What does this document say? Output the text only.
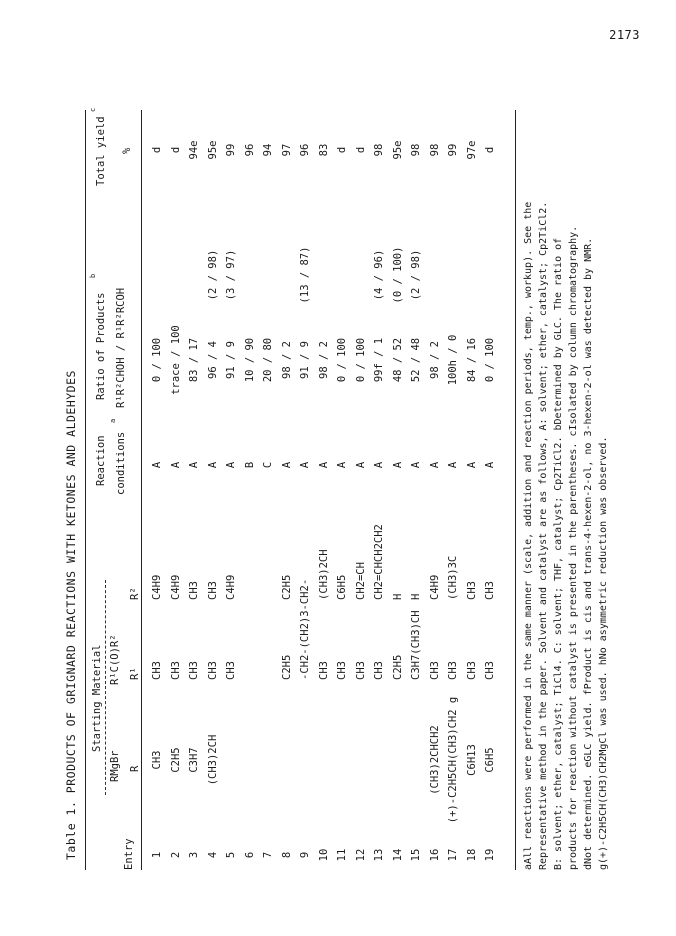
2173
Table 1. PRODUCTS OF GRIGNARD REACTIONS WITH KETONES AND ALDEHYDES Starting Material
Entry
RMgBr R
R¹C(O)R² R¹
R²
Reaction conditions
a
Ratio of Products
b
R¹R²CHOH / R¹R²RCOH
Total yield
c
%
1
CH3
CH3
C4H9
A
0 / 100
d
2
C2H5
CH3
C4H9
A
trace / 100
d
3
C3H7
CH3
CH3
A
83 / 17
94e
4
(CH3)2CH
CH3
CH3
A
96 / 4
(2 / 98)
95e
5
CH3
C4H9
A
91 / 9
(3 / 97)
99
6
B
10 / 90
96
7
C
20 / 80
94
8
C2H5
C2H5
A
98 / 2
97
9
-CH2-(CH2)3-CH2-
A
91 / 9
(13 / 87)
96
10
CH3
(CH3)2CH
A
98 / 2
83
11
CH3
C6H5
A
0 / 100
d
12
CH3
CH2=CH
A
0 / 100
d
13
CH3
CH2=CHCH2CH2
A
99f / 1
(4 / 96)
98
14
C2H5
H
A
48 / 52
(0 / 100)
95e
15
C3H7(CH3)CH
H
A
52 / 48
(2 / 98)
98
16
(CH3)2CHCH2
CH3
C4H9
A
98 / 2
98
17
(+)-C2H5CH(CH3)CH2 g
CH3
(CH3)3C
A
100h / 0
99
18
C6H13
CH3
CH3
A
84 / 16
97e
19
C6H5
CH3
CH3
A
0 / 100
d
aAll reactions were performed in the same manner (scale, addition and reaction periods, temp., workup). See the Representative method in the paper. Solvent and catalyst are as follows, A: solvent; ether, catalyst; Cp2TiCl2. B: solvent; ether, catalyst; TiCl4. C: solvent; THF, catalyst; Cp2TiCl2. bDetermined by GLC. The ratio of products for reaction without catalyst is presented in the parentheses. cIsolated by column chromatography. dNot determined. eGLC yield. fProduct is cis and trans-4-hexen-2-ol, no 3-hexen-2-ol was detected by NMR. g(+)-C2H5CH(CH3)CH2MgCl was used. hNo asymmetric reduction was observed.
